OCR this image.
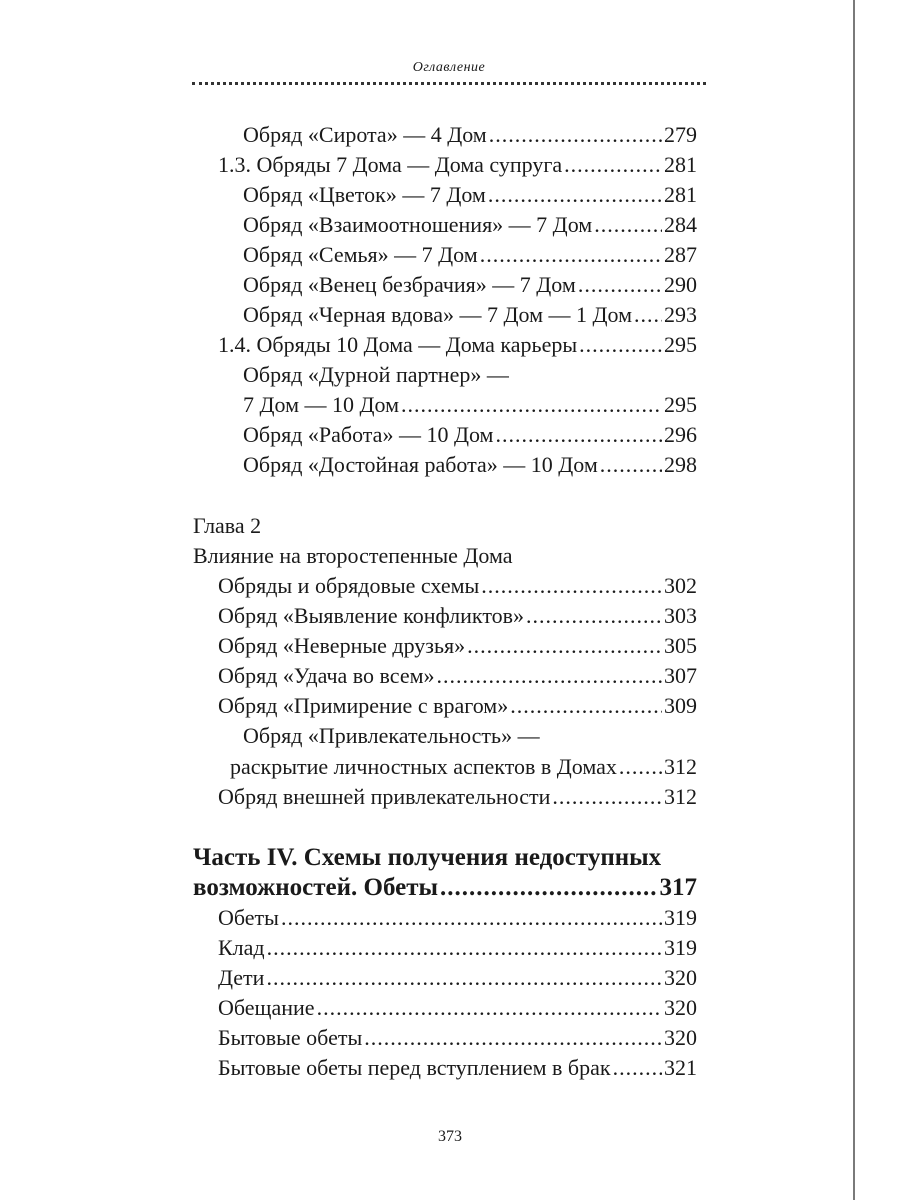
Оглавление
Обряд «Сирота» — 4 Дом .....	279
1.3. Обряды 7 Дома — Дома супруга .....	281
Обряд «Цветок» — 7 Дом .....	281
Обряд «Взаимоотношения» — 7 Дом .....	284
Обряд «Семья» — 7 Дом .....	287
Обряд «Венец безбрачия» — 7 Дом .....	290
Обряд «Черная вдова» — 7 Дом — 1 Дом ..... 293
1.4. Обряды 10 Дома — Дома карьеры .....	295
Обряд «Дурной партнер» —
7 Дом — 10 Дом .....	295
Обряд «Работа» — 10 Дом .....	296
Обряд «Достойная работа» — 10 Дом .....	298
Глава 2
Влияние на второстепенные Дома
Обряды и обрядовые схемы .....	302
Обряд «Выявление конфликтов» .....	303
Обряд «Неверные друзья» .....	305
Обряд «Удача во всем» .....	307
Обряд «Примирение с врагом» .....	309
Обряд «Привлекательность» —
раскрытие личностных аспектов в Домах ..... 312
Обряд внешней привлекательности .....	312
Часть IV. Схемы получения недоступных
возможностей. Обеты .....	317
Обеты .....	319
Клад .....	319
Дети .....	320
Обещание .....	320
Бытовые обеты .....	320
Бытовые обеты перед вступлением в брак ..... 321
373
